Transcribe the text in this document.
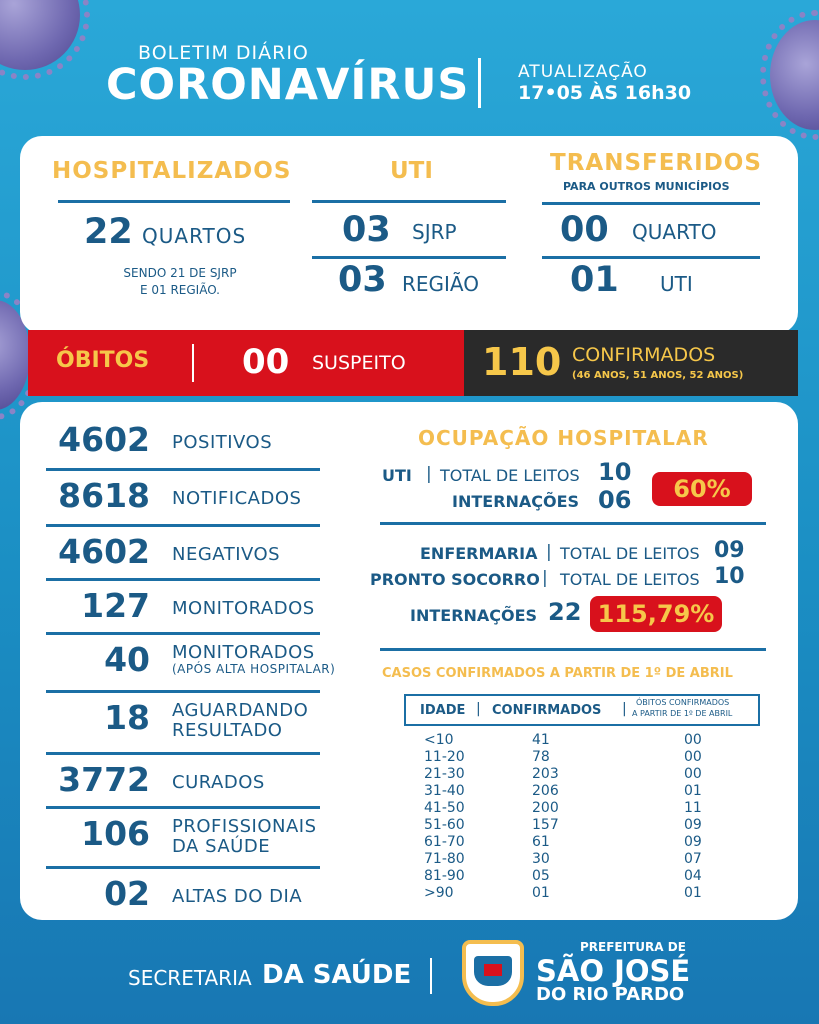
BOLETIM DIÁRIO
CORONAVÍRUS	ATUALIZAÇÃO
17•05 ÀS 16h30
HOSPITALIZADOS
22 QUARTOS
SENDO 21 DE SJRP
E 01 REGIÃO.
UTI
03 SJRP
03 REGIÃO
TRANSFERIDOS
PARA OUTROS MUNICÍPIOS
00 QUARTO
01 UTI
ÓBITOS	00 SUSPEITO 110 CONFIRMADOS
(46 ANOS, 51 ANOS, 52 ANOS)
4602 POSITIVOS
8618 NOTIFICADOS
4602 NEGATIVOS
127 MONITORADOS
40 MONITORADOS
(APÓS ALTA HOSPITALAR)
18 AGUARDANDO
RESULTADO
3772 CURADOS
106 PROFISSIONAIS
DA SAÚDE
02 ALTAS DO DIA
OCUPAÇÃO HOSPITALAR
UTI | TOTAL DE LEITOS 10
INTERNAÇÕES 06	60%
ENFERMARIA | TOTAL DE LEITOS 09
PRONTO SOCORRO | TOTAL DE LEITOS 10
INTERNAÇÕES 22 115,79%
CASOS CONFIRMADOS A PARTIR DE 1º DE ABRIL
IDADE | CONFIRMADOS | ÓBITOS CONFIRMADOS
A PARTIR DE 1º DE ABRIL
<10	41	00
11-20	78	00
21-30	203	00
31-40	206	01
41-50	200	11
51-60	157	09
61-70	61	09
71-80	30	07
81-90	05	04
>90	01	01
SECRETARIA DA SAÚDE
PREFEITURA DE
SÃO JOSÉ
DO RIO PARDO
